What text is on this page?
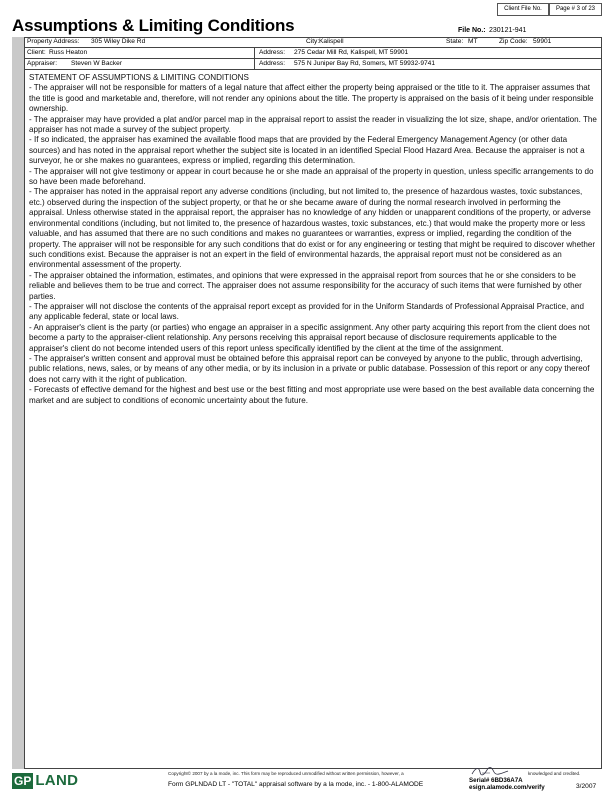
Client File No.	Page # 3 of 23
Assumptions & Limiting Conditions	File No.: 230121-941
Property Address: 305 Wiley Dike Rd	City: Kalispell	State: MT	Zip Code: 59901
Client: Russ Heaton	Address: 275 Cedar Mill Rd, Kalispell, MT 59901
Appraiser: Steven W Backer	Address: 575 N Juniper Bay Rd, Somers, MT 59932-9741

STATEMENT OF ASSUMPTIONS & LIMITING CONDITIONS

- The appraiser will not be responsible for matters of a legal nature that affect either the property being appraised or the title to it. The appraiser assumes that the title is good and marketable and, therefore, will not render any opinions about the title. The property is appraised on the basis of it being under responsible ownership.

- The appraiser may have provided a plat and/or parcel map in the appraisal report to assist the reader in visualizing the lot size, shape, and/or orientation. The appraiser has not made a survey of the subject property.

- If so indicated, the appraiser has examined the available flood maps that are provided by the Federal Emergency Management Agency (or other data sources) and has noted in the appraisal report whether the subject site is located in an identified Special Flood Hazard Area. Because the appraiser is not a surveyor, he or she makes no guarantees, express or implied, regarding this determination.

- The appraiser will not give testimony or appear in court because he or she made an appraisal of the property in question, unless specific arrangements to do so have been made beforehand.

- The appraiser has noted in the appraisal report any adverse conditions (including, but not limited to, the presence of hazardous wastes, toxic substances, etc.) observed during the inspection of the subject property, or that he or she became aware of during the normal research involved in performing the appraisal. Unless otherwise stated in the appraisal report, the appraiser has no knowledge of any hidden or unapparent conditions of the property, or adverse environmental conditions (including, but not limited to, the presence of hazardous wastes, toxic substances, etc.) that would make the property more or less valuable, and has assumed that there are no such conditions and makes no guarantees or warranties, express or implied, regarding the condition of the property. The appraiser will not be responsible for any such conditions that do exist or for any engineering or testing that might be required to discover whether such conditions exist. Because the appraiser is not an expert in the field of environmental hazards, the appraisal report must not be considered as an environmental assessment of the property.

- The appraiser obtained the information, estimates, and opinions that were expressed in the appraisal report from sources that he or she considers to be reliable and believes them to be true and correct. The appraiser does not assume responsibility for the accuracy of such items that were furnished by other parties.

- The appraiser will not disclose the contents of the appraisal report except as provided for in the Uniform Standards of Professional Appraisal Practice, and any applicable federal, state or local laws.

- An appraiser's client is the party (or parties) who engage an appraiser in a specific assignment. Any other party acquiring this report from the client does not become a party to the appraiser-client relationship. Any persons receiving this appraisal report because of disclosure requirements applicable to the appraiser's client do not become intended users of this report unless specifically identified by the client at the time of the assignment.

- The appraiser's written consent and approval must be obtained before this appraisal report can be conveyed by anyone to the public, through advertising, public relations, news, sales, or by means of any other media, or by its inclusion in a private or public database. Possession of this report or any copy thereof does not carry with it the right of publication.

- Forecasts of effective demand for the highest and best use or the best fitting and most appropriate use were based on the best available data concerning the market and are subject to conditions of economic uncertainty about the future.

GP LAND	Copyright© 2007 by a la mode, inc. This form may be reproduced unmodified without written permission, however, a	knowledged and credited.
Form GPLNDAD LT - "TOTAL" appraisal software by a la mode, inc. - 1-800-ALAMODE
Serial# 6BD36A7A
esign.alamode.com/verify	3/2007
